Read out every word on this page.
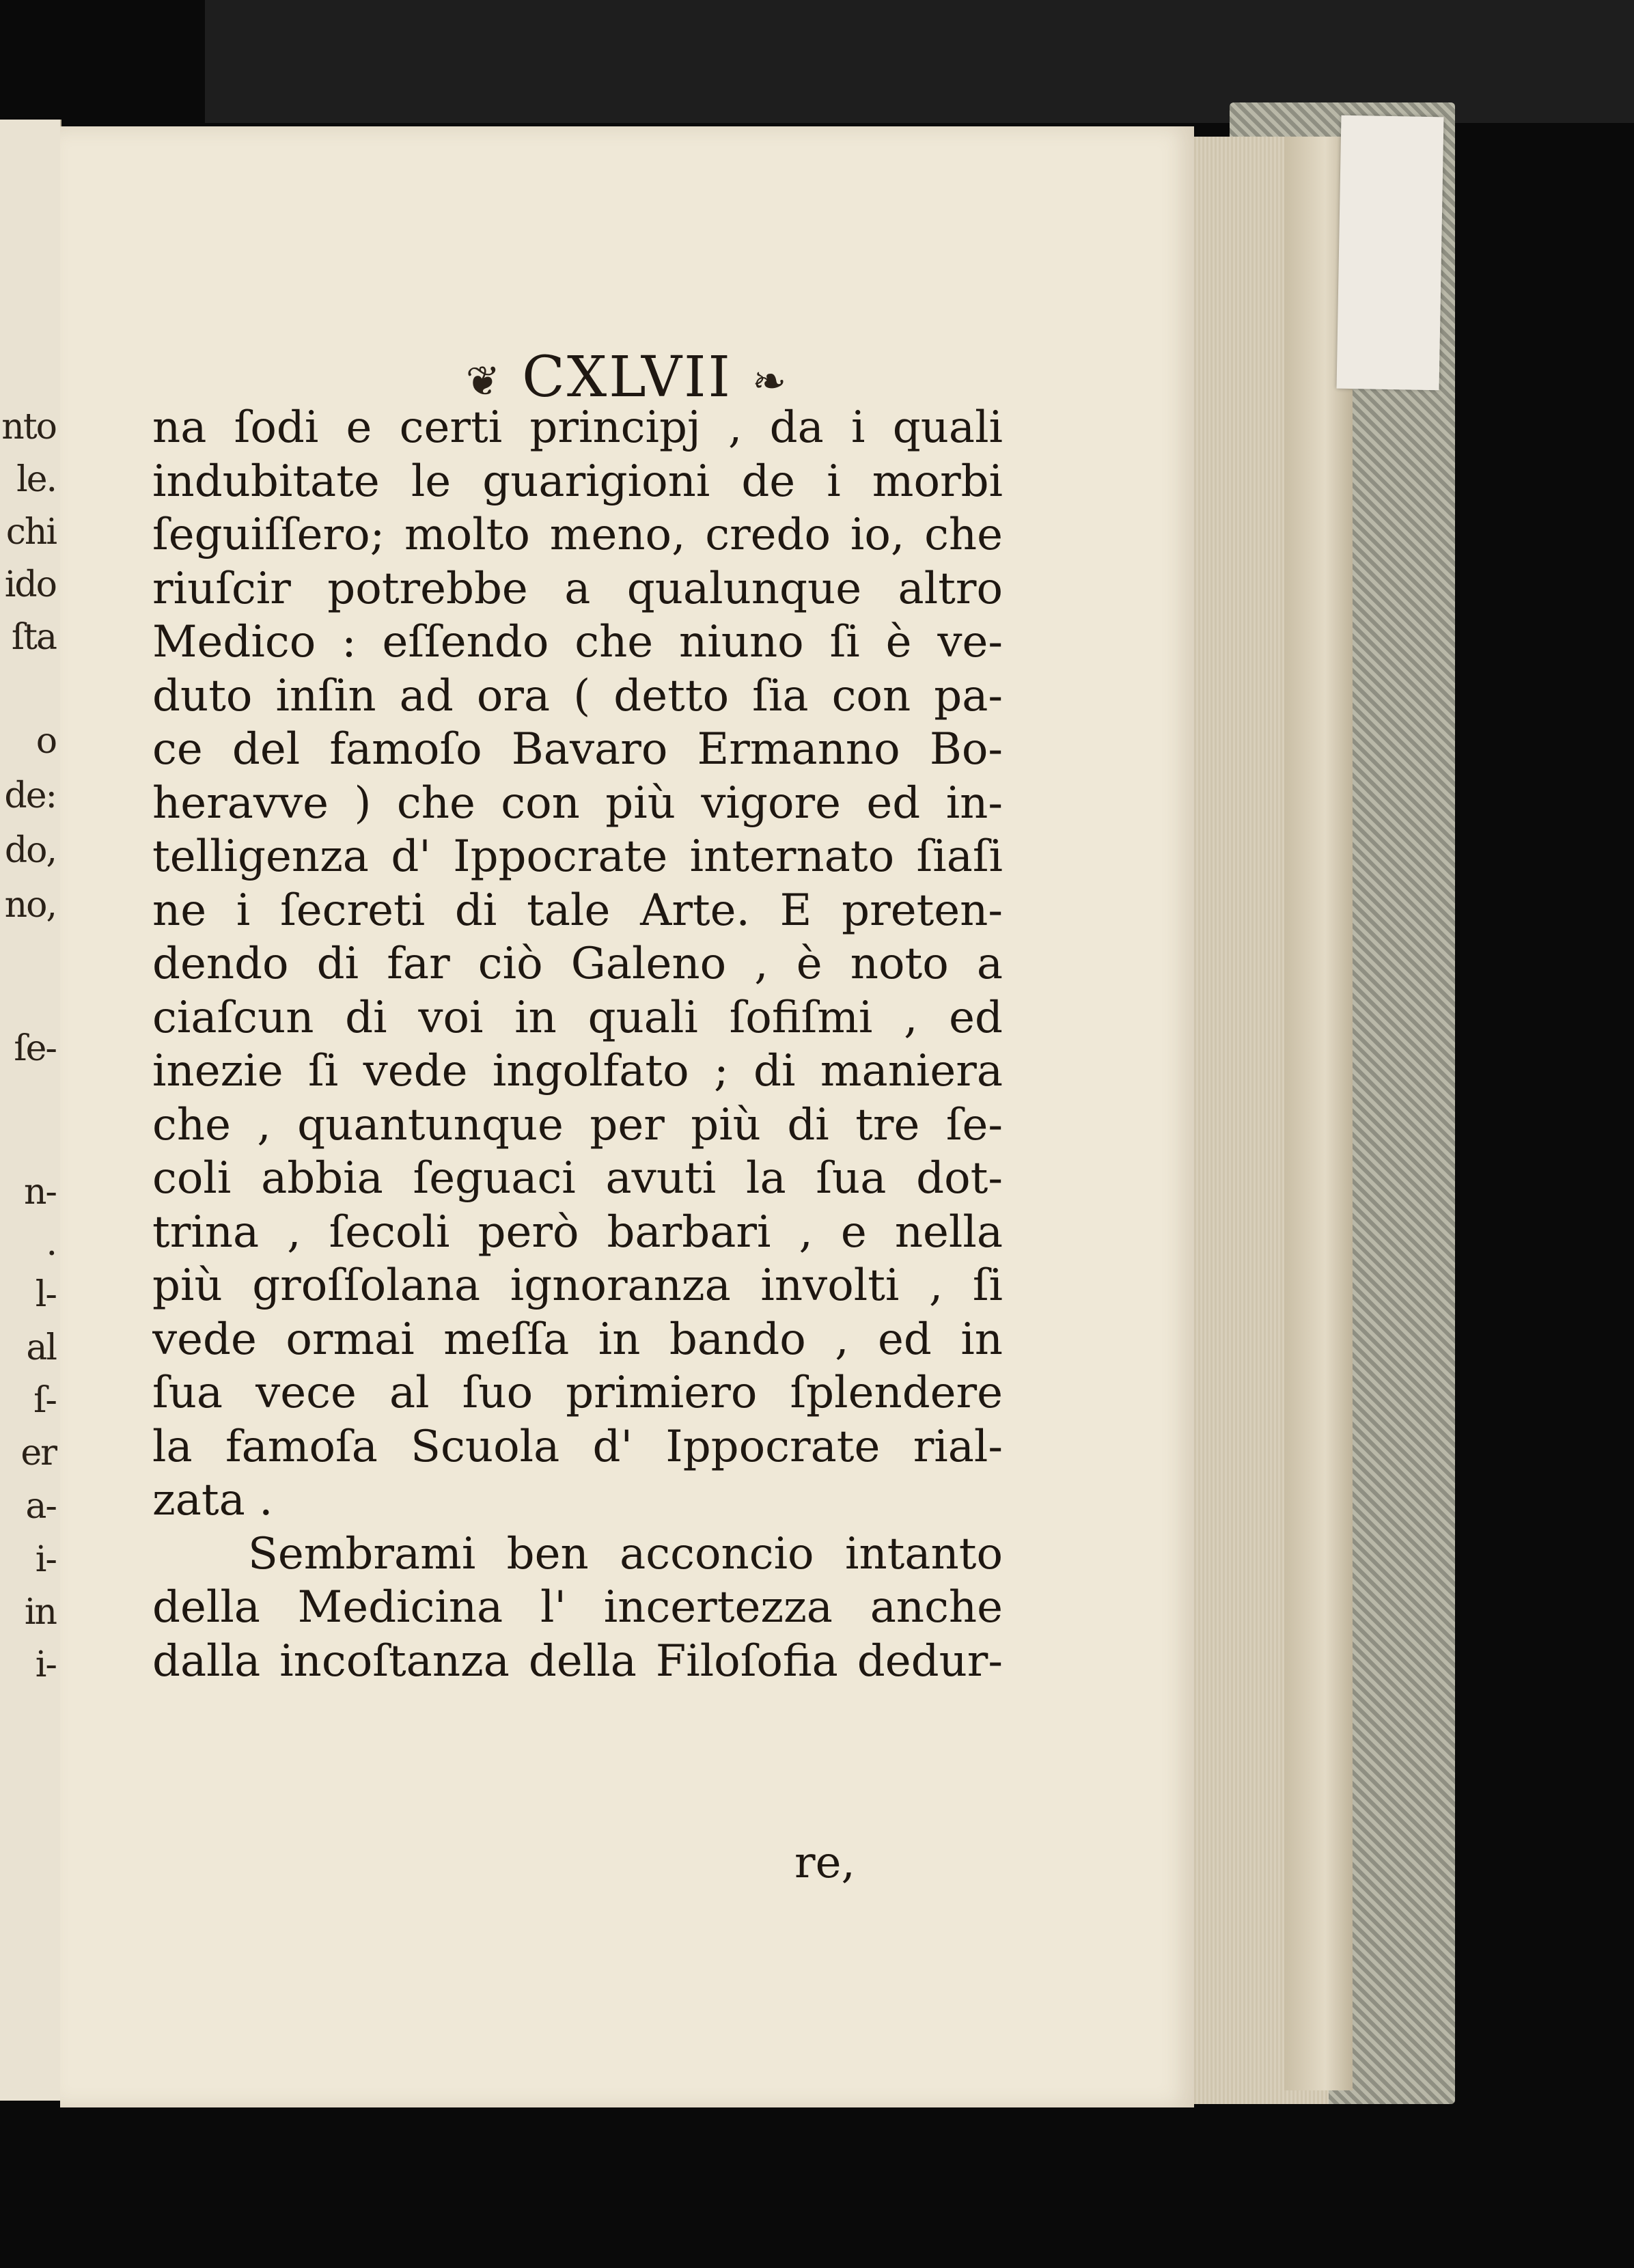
nto
le.
chi
ido
ſta
o
de:
do,
no,
ſe-
n-
.
l-
al
ſ-
er
a-
i-
in
i-
❦ CXLVII ❧
na ſodi e certi principj , da i quali
indubitate le guarigioni de i morbi
ſeguiſſero; molto meno, credo io, che
riuſcir potrebbe a qualunque altro
Medico : eſſendo che niuno ſi è ve-
duto inſin ad ora ( detto ſia con pa-
ce del famoſo Bavaro Ermanno Bo-
heravve ) che con più vigore ed in-
telligenza d' Ippocrate internato ſiaſi
ne i ſecreti di tale Arte. E preten-
dendo di far ciò Galeno , è noto a
ciaſcun di voi in quali ſofiſmi , ed
inezie ſi vede ingolfato ; di maniera
che , quantunque per più di tre ſe-
coli abbia ſeguaci avuti la ſua dot-
trina , ſecoli però barbari , e nella
più groſſolana ignoranza involti , ſi
vede ormai meſſa in bando , ed in
ſua vece al ſuo primiero ſplendere
la famoſa Scuola d' Ippocrate rial-
zata .
Sembrami ben acconcio intanto
della Medicina l' incertezza anche
dalla incoſtanza della Filoſofia dedur-
re,
